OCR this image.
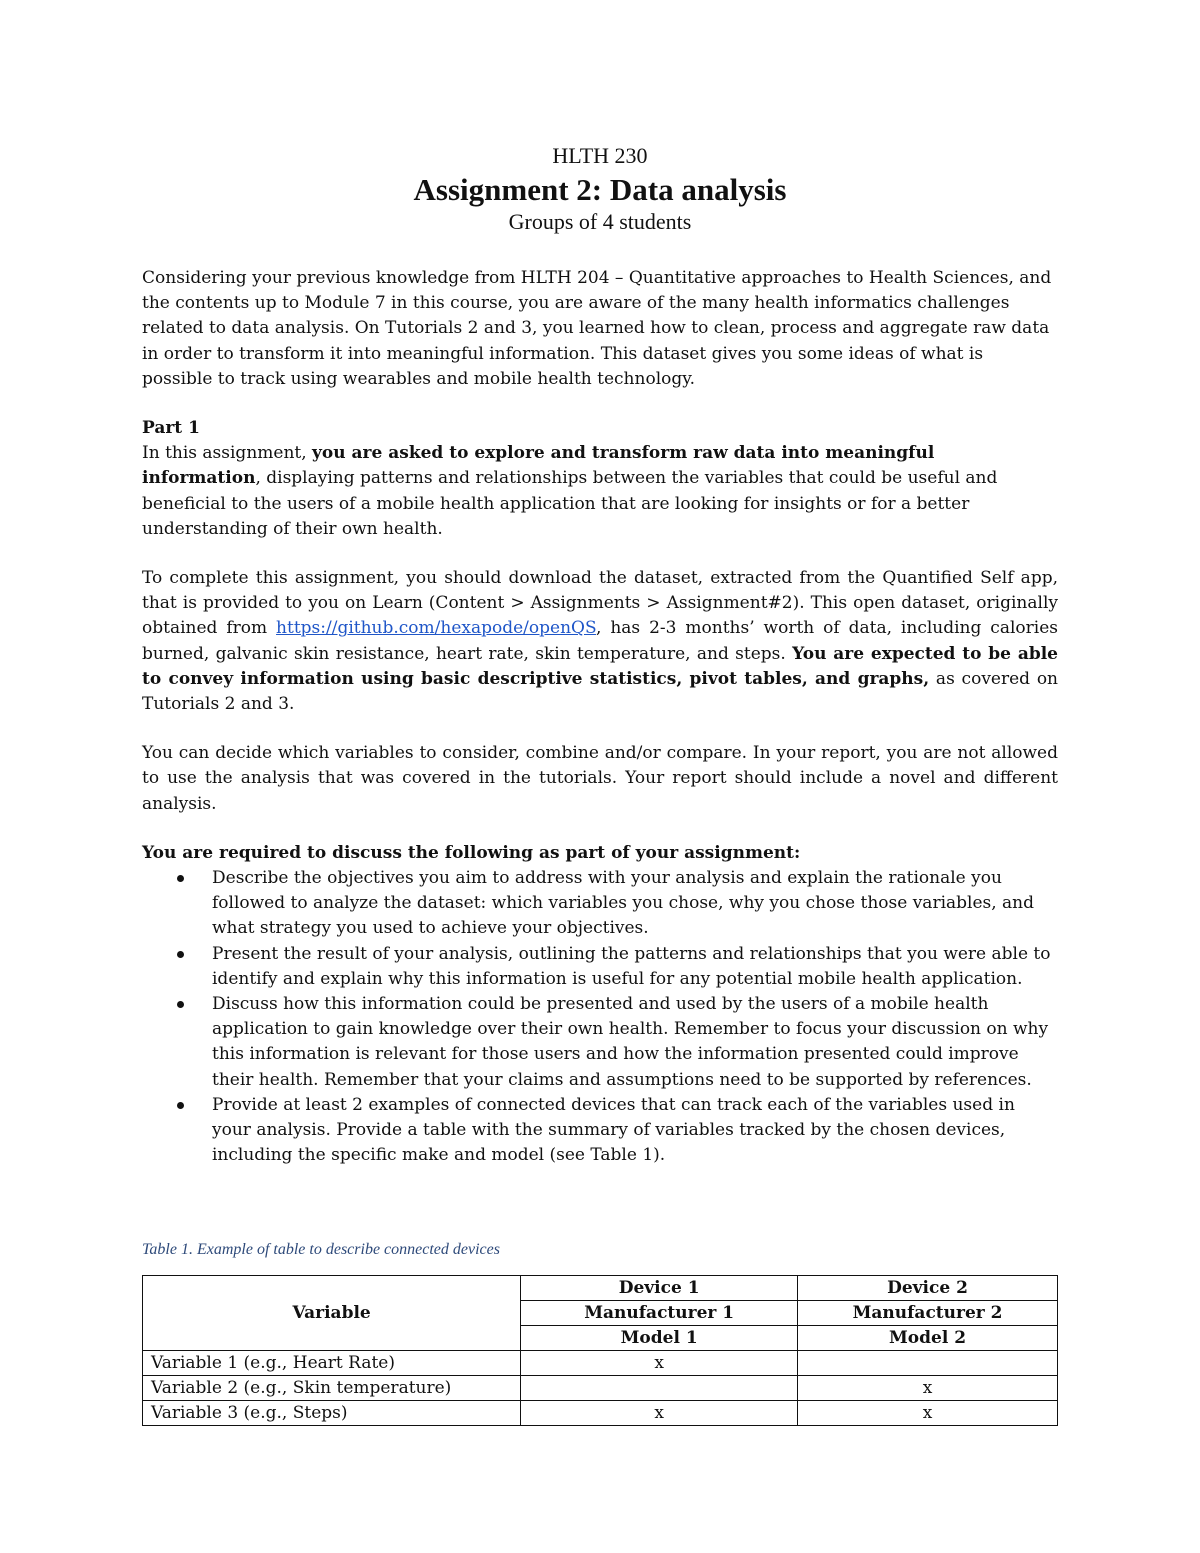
HLTH 230

Assignment 2: Data analysis

Groups of 4 students

Considering your previous knowledge from HLTH 204 – Quantitative approaches to Health Sciences, and the contents up to Module 7 in this course, you are aware of the many health informatics challenges related to data analysis. On Tutorials 2 and 3, you learned how to clean, process and aggregate raw data in order to transform it into meaningful information. This dataset gives you some ideas of what is possible to track using wearables and mobile health technology.

Part 1

In this assignment, you are asked to explore and transform raw data into meaningful information, displaying patterns and relationships between the variables that could be useful and beneficial to the users of a mobile health application that are looking for insights or for a better understanding of their own health.

To complete this assignment, you should download the dataset, extracted from the Quantified Self app, that is provided to you on Learn (Content > Assignments > Assignment#2). This open dataset, originally obtained from https://github.com/hexapode/openQS, has 2-3 months’ worth of data, including calories burned, galvanic skin resistance, heart rate, skin temperature, and steps. You are expected to be able to convey information using basic descriptive statistics, pivot tables, and graphs, as covered on Tutorials 2 and 3.

You can decide which variables to consider, combine and/or compare. In your report, you are not allowed to use the analysis that was covered in the tutorials. Your report should include a novel and different analysis.

You are required to discuss the following as part of your assignment:

Describe the objectives you aim to address with your analysis and explain the rationale you followed to analyze the dataset: which variables you chose, why you chose those variables, and what strategy you used to achieve your objectives.
Present the result of your analysis, outlining the patterns and relationships that you were able to identify and explain why this information is useful for any potential mobile health application.
Discuss how this information could be presented and used by the users of a mobile health application to gain knowledge over their own health. Remember to focus your discussion on why this information is relevant for those users and how the information presented could improve their health. Remember that your claims and assumptions need to be supported by references.
Provide at least 2 examples of connected devices that can track each of the variables used in your analysis. Provide a table with the summary of variables tracked by the chosen devices, including the specific make and model (see Table 1).

Table 1. Example of table to describe connected devices

Variable	Device 1	Device 2
	Manufacturer 1	Manufacturer 2
	Model 1	Model 2
Variable 1 (e.g., Heart Rate)	x	
Variable 2 (e.g., Skin temperature)		x
Variable 3 (e.g., Steps)	x	x
